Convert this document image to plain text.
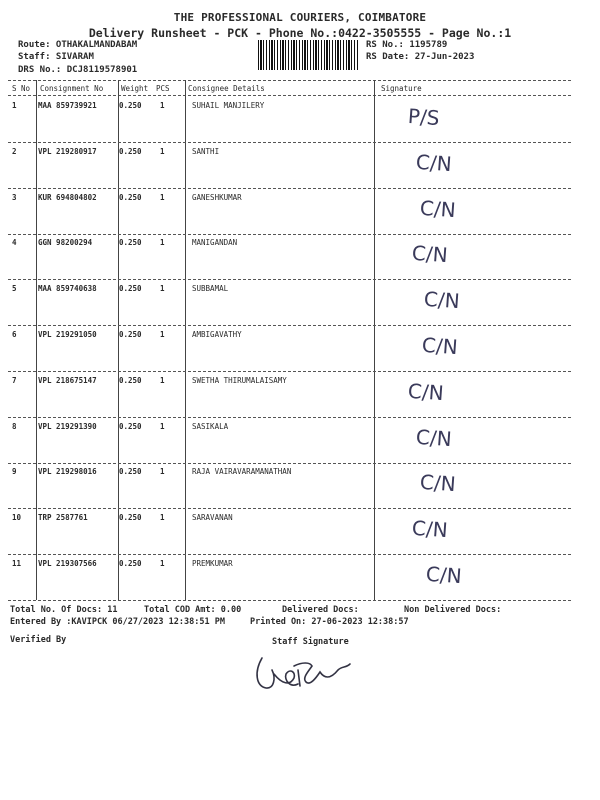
THE PROFESSIONAL COURIERS, COIMBATORE
Delivery Runsheet - PCK - Phone No.:0422-3505555 - Page No.:1
Route: OTHAKALMANDABAM
Staff: SIVARAM
DRS No.: DCJ8119578901
RS No.: 1195789
RS Date: 27-Jun-2023
S No Consignment No Weight PCS Consignee Details	Signature
1	MAA 859739921	0.250 1	SUHAIL MANJILERY	P/S
2	VPL 219280917	0.250 1	SANTHI	C/N
3	KUR 694804802	0.250 1	GANESHKUMAR	C/N
4	GGN 98200294	0.250 1	MANIGANDAN	C/N
5	MAA 859740638	0.250 1	SUBBAMAL	C/N
6	VPL 219291050	0.250 1	AMBIGAVATHY	C/N
7	VPL 218675147	0.250 1	SWETHA THIRUMALAISAMY	C/N
8	VPL 219291390	0.250 1	SASIKALA	C/N
9	VPL 219298016	0.250 1	RAJA VAIRAVARAMANATHAN	C/N
10 TRP 2587761	0.250 1	SARAVANAN	C/N
11 VPL 219307566	0.250 1	PREMKUMAR	C/N
Total No. Of Docs: 11	Total COD Amt: 0.00	Delivered Docs:	Non Delivered Docs:
Entered By :KAVIPCK 06/27/2023 12:38:51 PM	Printed On: 27-06-2023 12:38:57
Verified By	Staff Signature
